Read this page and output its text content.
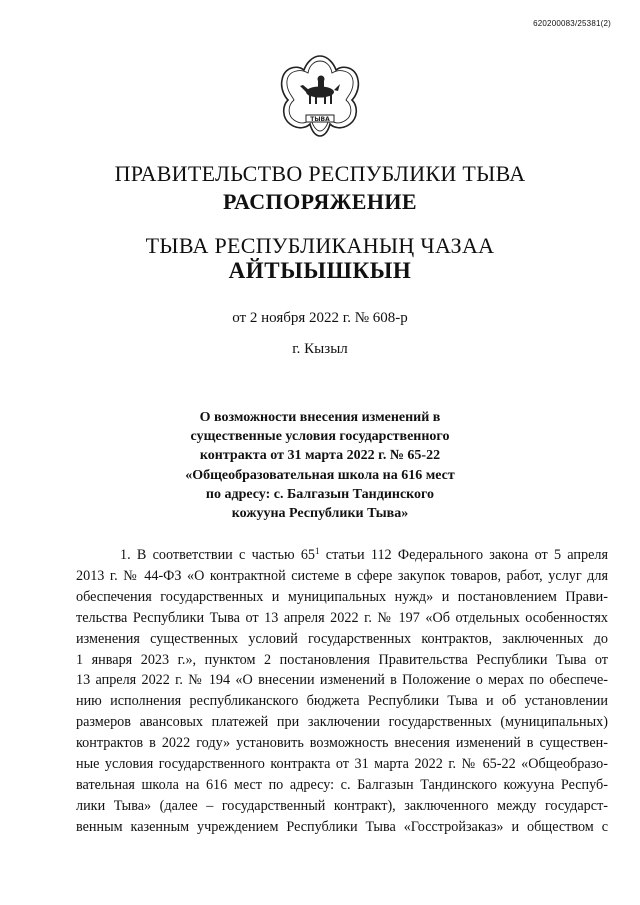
620200083/25381(2)
ТЫВА
ПРАВИТЕЛЬСТВО РЕСПУБЛИКИ ТЫВА
РАСПОРЯЖЕНИЕ
ТЫВА РЕСПУБЛИКАНЫҢ ЧАЗАА
АЙТЫЫШКЫН
от 2 ноября 2022 г. № 608-р
г. Кызыл
О возможности внесения изменений в
существенные условия государственного
контракта от 31 марта 2022 г. № 65-22
«Общеобразовательная школа на 616 мест
по адресу: с. Балгазын Тандинского
кожууна Республики Тыва»
1. В соответствии с частью $65^1$ статьи 112 Федерального закона от 5 апреля
2013 г. № 44-ФЗ «О контрактной системе в сфере закупок товаров, работ, услуг для
обеспечения государственных и муниципальных нужд» и постановлением Прави-
тельства Республики Тыва от 13 апреля 2022 г. № 197 «Об отдельных особенностях
изменения существенных условий государственных контрактов, заключенных до
1 января 2023 г.», пунктом 2 постановления Правительства Республики Тыва от
13 апреля 2022 г. № 194 «О внесении изменений в Положение о мерах по обеспече-
нию исполнения республиканского бюджета Республики Тыва и об установлении
размеров авансовых платежей при заключении государственных (муниципальных)
контрактов в 2022 году» установить возможность внесения изменений в существен-
ные условия государственного контракта от 31 марта 2022 г. № 65-22 «Общеобразо-
вательная школа на 616 мест по адресу: с. Балгазын Тандинского кожууна Респуб-
лики Тыва» (далее – государственный контракт), заключенного между государст-
венным казенным учреждением Республики Тыва «Госстройзаказ» и обществом с
